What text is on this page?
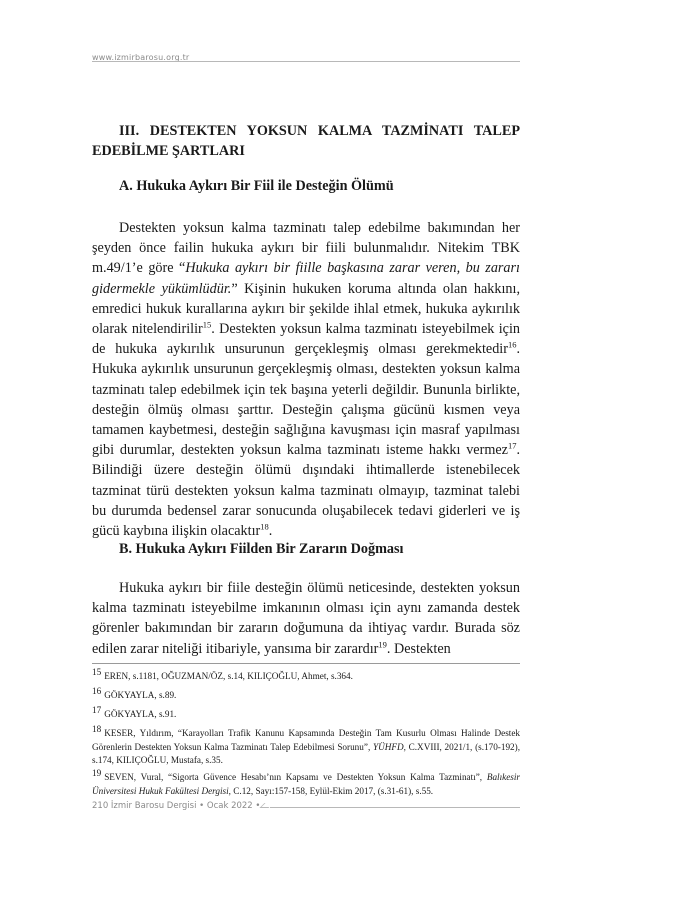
www.izmirbarosu.org.tr
III. DESTEKTEN YOKSUN KALMA TAZMİNATI TALEP
EDEBİLME ŞARTLARI
A. Hukuka Aykırı Bir Fiil ile Desteğin Ölümü

Destekten yoksun kalma tazminatı talep edebilme bakımından her şeyden önce failin hukuka aykırı bir fiili bulunmalıdır. Nitekim TBK m.49/1’e göre “Hukuka aykırı bir fiille başkasına zarar veren, bu zararı gidermekle yükümlüdür.” Kişinin hukuken koruma altında olan hakkını, emredici hukuk kurallarına aykırı bir şekilde ihlal etmek, hukuka aykırılık olarak nitelendirilir$^{15}$. Destekten yoksun kalma tazminatı isteyebilmek için de hukuka aykırılık unsurunun gerçekleşmiş olması gerekmektedir$^{16}$. Hukuka aykırılık unsurunun gerçekleşmiş olması, destekten yoksun kalma tazminatı talep edebilmek için tek başına yeterli değildir. Bununla birlikte, desteğin ölmüş olması şarttır. Desteğin çalışma gücünü kısmen veya tamamen kaybetmesi, desteğin sağlığına kavuşması için masraf yapılması gibi durumlar, destekten yoksun kalma tazminatı isteme hakkı vermez$^{17}$. Bilindiği üzere desteğin ölümü dışındaki ihtimallerde istenebilecek tazminat türü destekten yoksun kalma tazminatı olmayıp, tazminat talebi bu durumda bedensel zarar sonucunda oluşabilecek tedavi giderleri ve iş gücü kaybına ilişkin olacaktır$^{18}$.

B. Hukuka Aykırı Fiilden Bir Zararın Doğması

Hukuka aykırı bir fiile desteğin ölümü neticesinde, destekten yoksun kalma tazminatı isteyebilme imkanının olması için aynı zamanda destek görenler bakımından bir zararın doğumuna da ihtiyaç vardır. Burada söz edilen zarar niteliği itibariyle, yansıma bir zarardır$^{19}$. Destekten

15 EREN, s.1181, OĞUZMAN/ÖZ, s.14, KILIÇOĞLU, Ahmet, s.364.
16 GÖKYAYLA, s.89.
17 GÖKYAYLA, s.91.
18 KESER, Yıldırım, “Karayolları Trafik Kanunu Kapsamında Desteğin Tam Kusurlu Olması Halinde Destek Görenlerin Destekten Yoksun Kalma Tazminatı Talep Edebilmesi Sorunu”, YÜHFD, C.XVIII, 2021/1, (s.170-192), s.174, KILIÇOĞLU, Mustafa, s.35.
19 SEVEN, Vural, “Sigorta Güvence Hesabı’nın Kapsamı ve Destekten Yoksun Kalma Tazminatı”, Balıkesir Üniversitesi Hukuk Fakültesi Dergisi, C.12, Sayı:157-158, Eylül-Ekim 2017, (s.31-61), s.55.
210 İzmir Barosu Dergisi • Ocak 2022 •
